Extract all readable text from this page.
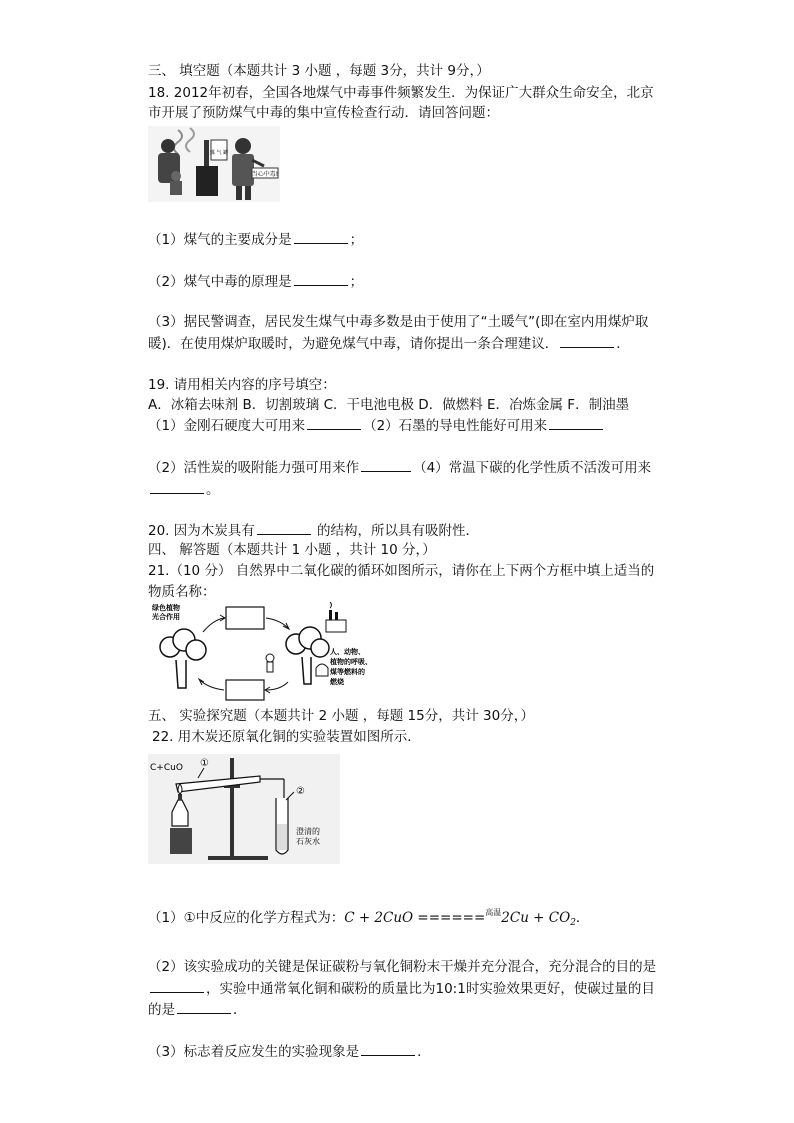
三、 填空题（本题共计 3 小题 ，每题 3分，共计 9分，）
18. 2012年初春，全国各地煤气中毒事件频繁发生．为保证广大群众生命安全，北京
市开展了预防煤气中毒的集中宣传检查行动．请回答问题：
煤 气 罐
当心中毒!
（1）煤气的主要成分是	；
（2）煤气中毒的原理是	；
（3）据民警调查，居民发生煤气中毒多数是由于使用了“土暖气”(即在室内用煤炉取
暖)．在使用煤炉取暖时，为避免煤气中毒，请你提出一条合理建议．	．
19. 请用相关内容的序号填空：
A．冰箱去味剂 B．切割玻璃 C．干电池电极 D．做燃料 E．冶炼金属 F．制油墨
（1）金刚石硬度大可用来	（2）石墨的导电性能好可用来
（2）活性炭的吸附能力强可用来作	（4）常温下碳的化学性质不活泼可用来
。
20. 因为木炭具有	的结构，所以具有吸附性．
四、 解答题（本题共计 1 小题 ，共计 10 分，）
21.（10 分） 自然界中二氧化碳的循环如图所示，请你在上下两个方框中填上适当的
物质名称：
绿色植物光合作用
人、动物、植物的呼吸、煤等燃料的燃烧
五、 实验探究题（本题共计 2 小题 ，每题 15分，共计 30分，）
22. 用木炭还原氧化铜的实验装置如图所示．
C+CuO ①
②
澄清的石灰水
（1）①中反应的化学方程式为：$C + 2CuO ======^{高温}2Cu + CO_2$．
（2）该实验成功的关键是保证碳粉与氧化铜粉末干燥并充分混合，充分混合的目的是
，实验中通常氧化铜和碳粉的质量比为10:1时实验效果更好，使碳过量的目
的是	．
（3）标志着反应发生的实验现象是	．
